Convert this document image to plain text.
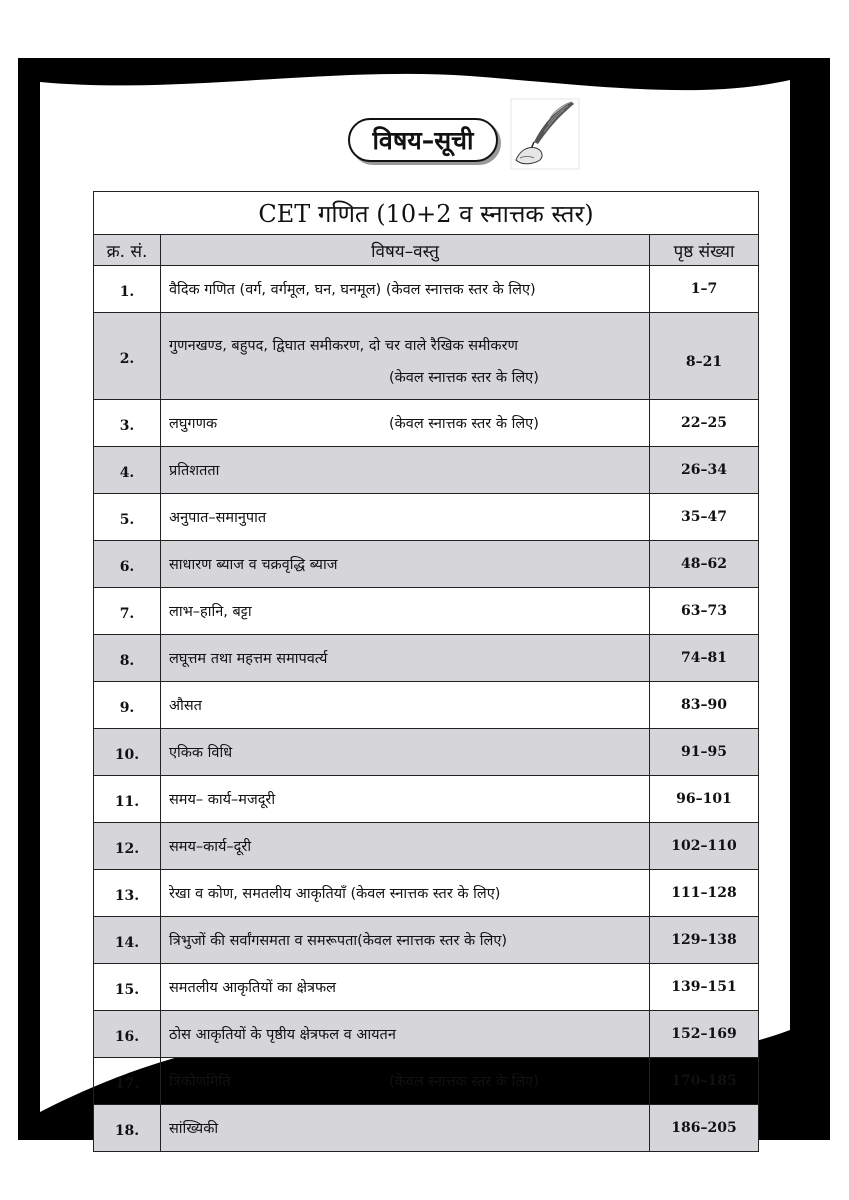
विषय–सूची
CET गणित (10+2 व स्नात्तक स्तर)		
क्र. सं.	विषय–वस्तु	पृष्ठ संख्या
1.	वैदिक गणित (वर्ग, वर्गमूल, घन, घनमूल) (केवल स्नात्तक स्तर के लिए)	1–7
2.	गुणनखण्ड, बहुपद, द्विघात समीकरण, दो चर वाले रैखिक समीकरण
(केवल स्नात्तक स्तर के लिए)	8–21
3.	लघुगणक (केवल स्नात्तक स्तर के लिए)	22–25
4.	प्रतिशतता	26–34
5.	अनुपात–समानुपात	35–47
6.	साधारण ब्याज व चक्रवृद्धि ब्याज	48–62
7.	लाभ–हानि, बट्टा	63–73
8.	लघूत्तम तथा महत्तम समापवर्त्य	74–81
9.	औसत	83–90
10.	एकिक विधि	91–95
11.	समय– कार्य–मजदूरी	96–101
12.	समय–कार्य–दूरी	102–110
13.	रेखा व कोण, समतलीय आकृतियाँ (केवल स्नात्तक स्तर के लिए)	111–128
14.	त्रिभुजों की सर्वांगसमता व समरूपता(केवल स्नात्तक स्तर के लिए)	129–138
15.	समतलीय आकृतियों का क्षेत्रफल	139–151
16.	ठोस आकृतियों के पृष्ठीय क्षेत्रफल व आयतन	152–169
17.	त्रिकोणमिति (केवल स्नात्तक स्तर के लिए)	170–185
18.	सांख्यिकी	186–205
